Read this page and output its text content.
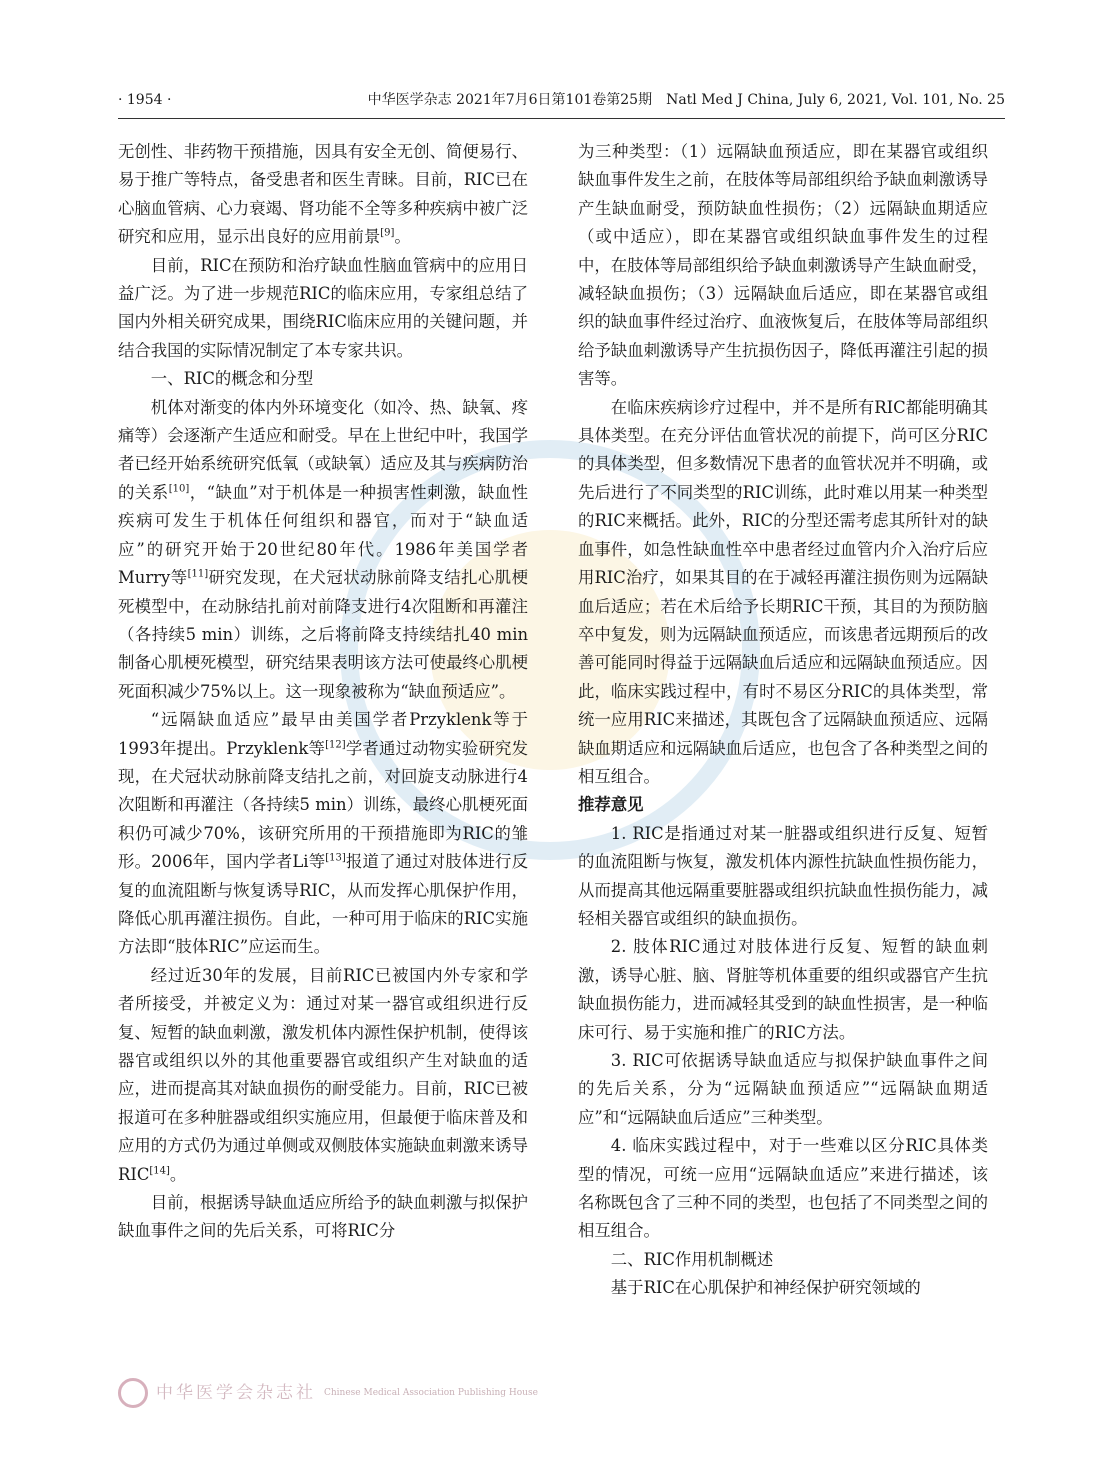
· 1954 ·	中华医学杂志 2021年7月6日第101卷第25期　Natl Med J China, July 6, 2021, Vol. 101, No. 25

无创性、非药物干预措施，因具有安全无创、简便易行、易于推广等特点，备受患者和医生青睐。目前，RIC已在心脑血管病、心力衰竭、肾功能不全等多种疾病中被广泛研究和应用，显示出良好的应用前景[9]。

目前，RIC在预防和治疗缺血性脑血管病中的应用日益广泛。为了进一步规范RIC的临床应用，专家组总结了国内外相关研究成果，围绕RIC临床应用的关键问题，并结合我国的实际情况制定了本专家共识。

一、RIC的概念和分型

机体对渐变的体内外环境变化（如冷、热、缺氧、疼痛等）会逐渐产生适应和耐受。早在上世纪中叶，我国学者已经开始系统研究低氧（或缺氧）适应及其与疾病防治的关系[10]，“缺血”对于机体是一种损害性刺激，缺血性疾病可发生于机体任何组织和器官，而对于“缺血适应”的研究开始于20世纪80年代。1986年美国学者Murry等[11]研究发现，在犬冠状动脉前降支结扎心肌梗死模型中，在动脉结扎前对前降支进行4次阻断和再灌注（各持续5 min）训练，之后将前降支持续结扎40 min制备心肌梗死模型，研究结果表明该方法可使最终心肌梗死面积减少75%以上。这一现象被称为“缺血预适应”。

“远隔缺血适应”最早由美国学者Przyklenk等于1993年提出。Przyklenk等[12]学者通过动物实验研究发现，在犬冠状动脉前降支结扎之前，对回旋支动脉进行4次阻断和再灌注（各持续5 min）训练，最终心肌梗死面积仍可减少70%，该研究所用的干预措施即为RIC的雏形。2006年，国内学者Li等[13]报道了通过对肢体进行反复的血流阻断与恢复诱导RIC，从而发挥心肌保护作用，降低心肌再灌注损伤。自此，一种可用于临床的RIC实施方法即“肢体RIC”应运而生。

经过近30年的发展，目前RIC已被国内外专家和学者所接受，并被定义为：通过对某一器官或组织进行反复、短暂的缺血刺激，激发机体内源性保护机制，使得该器官或组织以外的其他重要器官或组织产生对缺血的适应，进而提高其对缺血损伤的耐受能力。目前，RIC已被报道可在多种脏器或组织实施应用，但最便于临床普及和应用的方式仍为通过单侧或双侧肢体实施缺血刺激来诱导RIC[14]。

目前，根据诱导缺血适应所给予的缺血刺激与拟保护缺血事件之间的先后关系，可将RIC分

为三种类型：（1）远隔缺血预适应，即在某器官或组织缺血事件发生之前，在肢体等局部组织给予缺血刺激诱导产生缺血耐受，预防缺血性损伤；（2）远隔缺血期适应（或中适应），即在某器官或组织缺血事件发生的过程中，在肢体等局部组织给予缺血刺激诱导产生缺血耐受，减轻缺血损伤；（3）远隔缺血后适应，即在某器官或组织的缺血事件经过治疗、血液恢复后，在肢体等局部组织给予缺血刺激诱导产生抗损伤因子，降低再灌注引起的损害等。

在临床疾病诊疗过程中，并不是所有RIC都能明确其具体类型。在充分评估血管状况的前提下，尚可区分RIC的具体类型，但多数情况下患者的血管状况并不明确，或先后进行了不同类型的RIC训练，此时难以用某一种类型的RIC来概括。此外，RIC的分型还需考虑其所针对的缺血事件，如急性缺血性卒中患者经过血管内介入治疗后应用RIC治疗，如果其目的在于减轻再灌注损伤则为远隔缺血后适应；若在术后给予长期RIC干预，其目的为预防脑卒中复发，则为远隔缺血预适应，而该患者远期预后的改善可能同时得益于远隔缺血后适应和远隔缺血预适应。因此，临床实践过程中，有时不易区分RIC的具体类型，常统一应用RIC来描述，其既包含了远隔缺血预适应、远隔缺血期适应和远隔缺血后适应，也包含了各种类型之间的相互组合。

推荐意见

1. RIC是指通过对某一脏器或组织进行反复、短暂的血流阻断与恢复，激发机体内源性抗缺血性损伤能力，从而提高其他远隔重要脏器或组织抗缺血性损伤能力，减轻相关器官或组织的缺血损伤。

2. 肢体RIC通过对肢体进行反复、短暂的缺血刺激，诱导心脏、脑、肾脏等机体重要的组织或器官产生抗缺血损伤能力，进而减轻其受到的缺血性损害，是一种临床可行、易于实施和推广的RIC方法。

3. RIC可依据诱导缺血适应与拟保护缺血事件之间的先后关系，分为“远隔缺血预适应”“远隔缺血期适应”和“远隔缺血后适应”三种类型。

4. 临床实践过程中，对于一些难以区分RIC具体类型的情况，可统一应用“远隔缺血适应”来进行描述，该名称既包含了三种不同的类型，也包括了不同类型之间的相互组合。

二、RIC作用机制概述

基于RIC在心肌保护和神经保护研究领域的

中华医学会杂志社 Chinese Medical Association Publishing House
